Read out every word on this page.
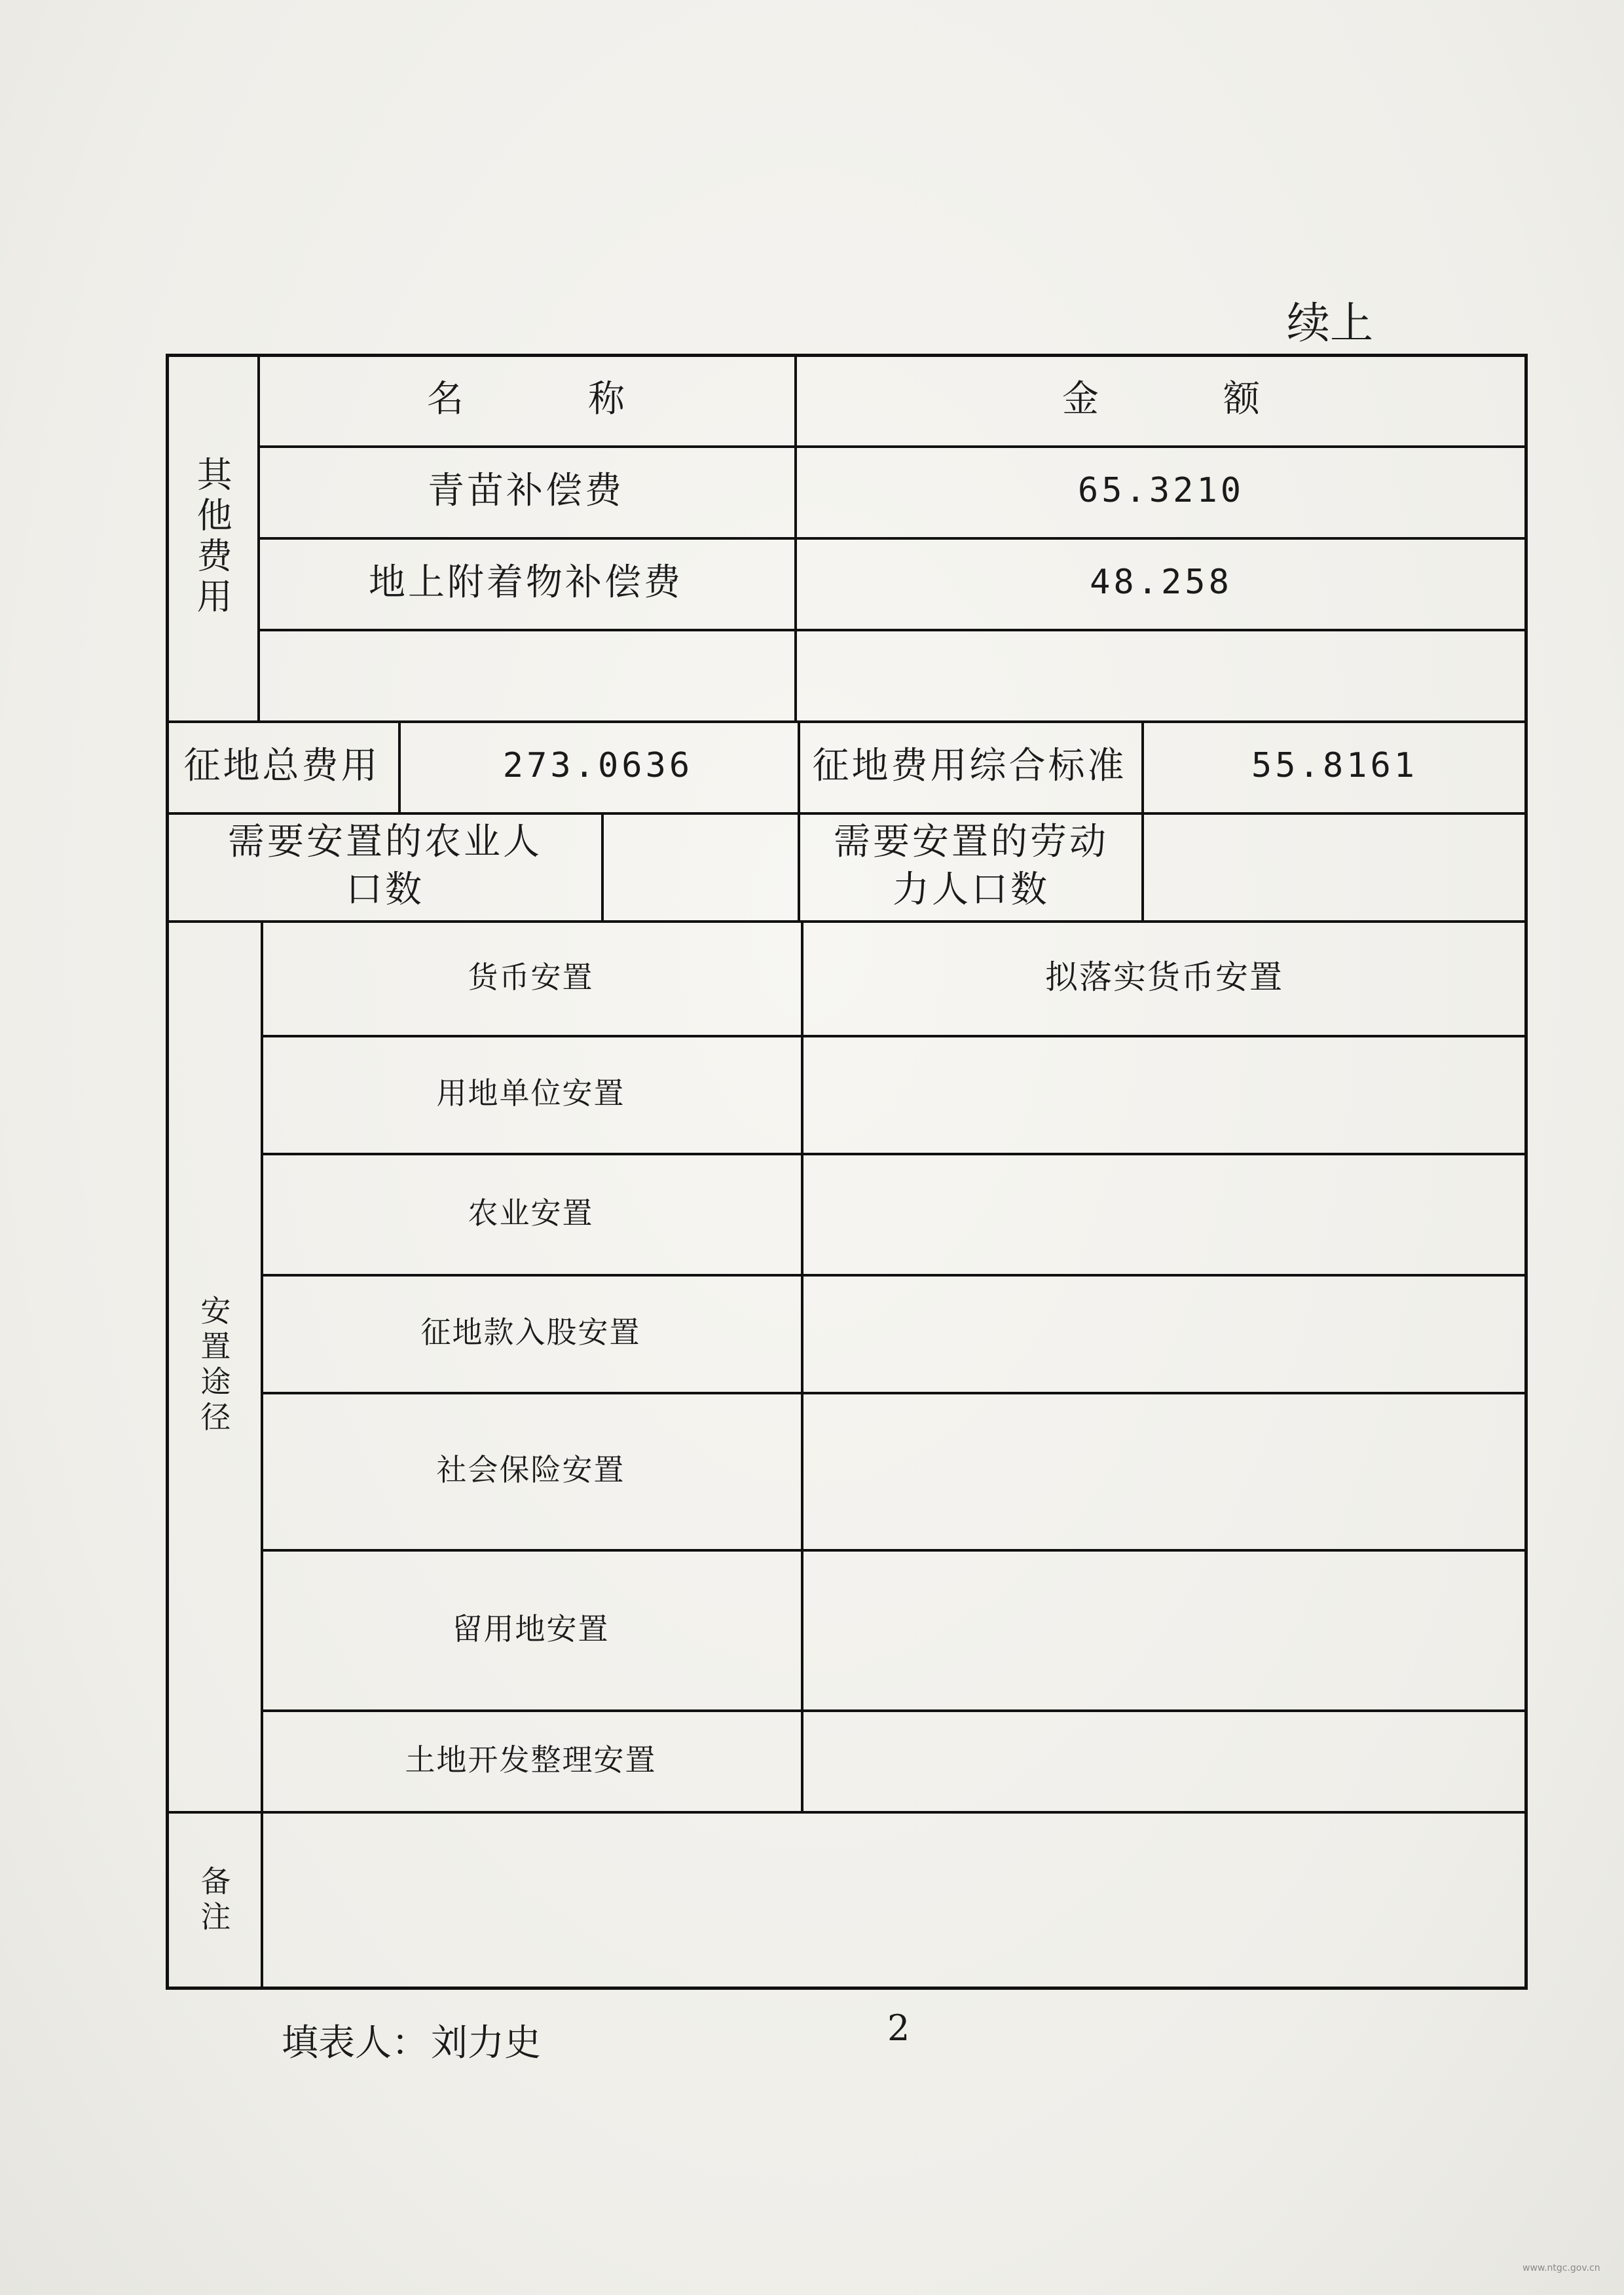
续上
其他费用
名称	金额
青苗补偿费	65.3210
地上附着物补偿费	48.258
征地总费用	273.0636	征地费用综合标准	55.8161
需要安置的农业人口数
需要安置的劳动力人口数
安置途径
货币安置	拟落实货币安置
用地单位安置
农业安置
征地款入股安置
社会保险安置
留用地安置
土地开发整理安置
备注
填表人： 刘力史	2
www.ntgc.gov.cn
